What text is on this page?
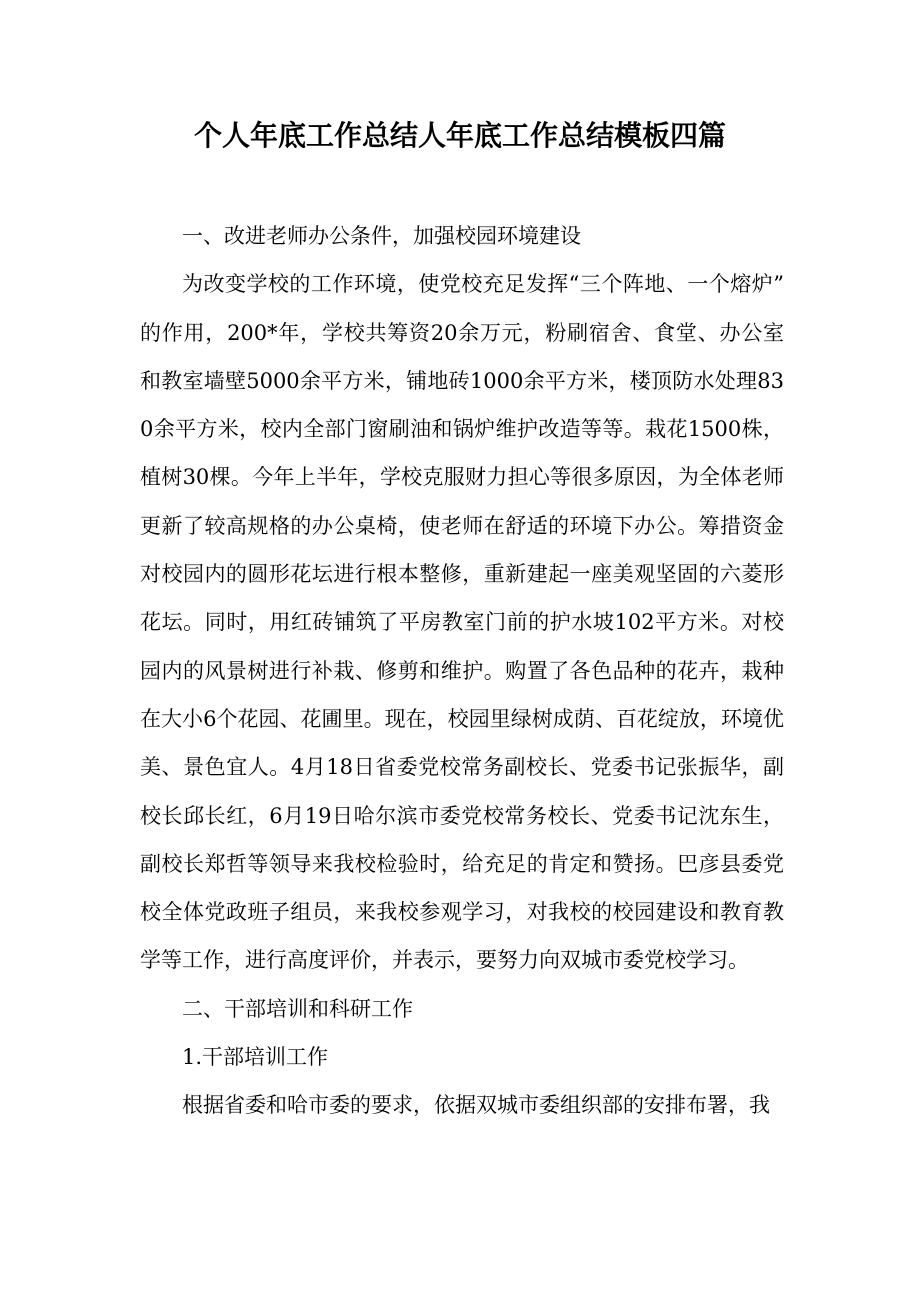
个人年底工作总结人年底工作总结模板四篇

一、改进老师办公条件，加强校园环境建设

为改变学校的工作环境，使党校充足发挥“三个阵地、一个熔炉”的作用，200*年，学校共筹资20余万元，粉刷宿舍、食堂、办公室和教室墙壁5000余平方米，铺地砖1000余平方米，楼顶防水处理830余平方米，校内全部门窗刷油和锅炉维护改造等等。栽花1500株，植树30棵。今年上半年，学校克服财力担心等很多原因，为全体老师更新了较高规格的办公桌椅，使老师在舒适的环境下办公。筹措资金对校园内的圆形花坛进行根本整修，重新建起一座美观坚固的六菱形花坛。同时，用红砖铺筑了平房教室门前的护水坡102平方米。对校园内的风景树进行补栽、修剪和维护。购置了各色品种的花卉，栽种在大小6个花园、花圃里。现在，校园里绿树成荫、百花绽放，环境优美、景色宜人。4月18日省委党校常务副校长、党委书记张振华，副校长邱长红，6月19日哈尔滨市委党校常务校长、党委书记沈东生，副校长郑哲等领导来我校检验时，给充足的肯定和赞扬。巴彦县委党校全体党政班子组员，来我校参观学习，对我校的校园建设和教育教学等工作，进行高度评价，并表示，要努力向双城市委党校学习。

二、干部培训和科研工作

1.干部培训工作

根据省委和哈市委的要求，依据双城市委组织部的安排布署，我
